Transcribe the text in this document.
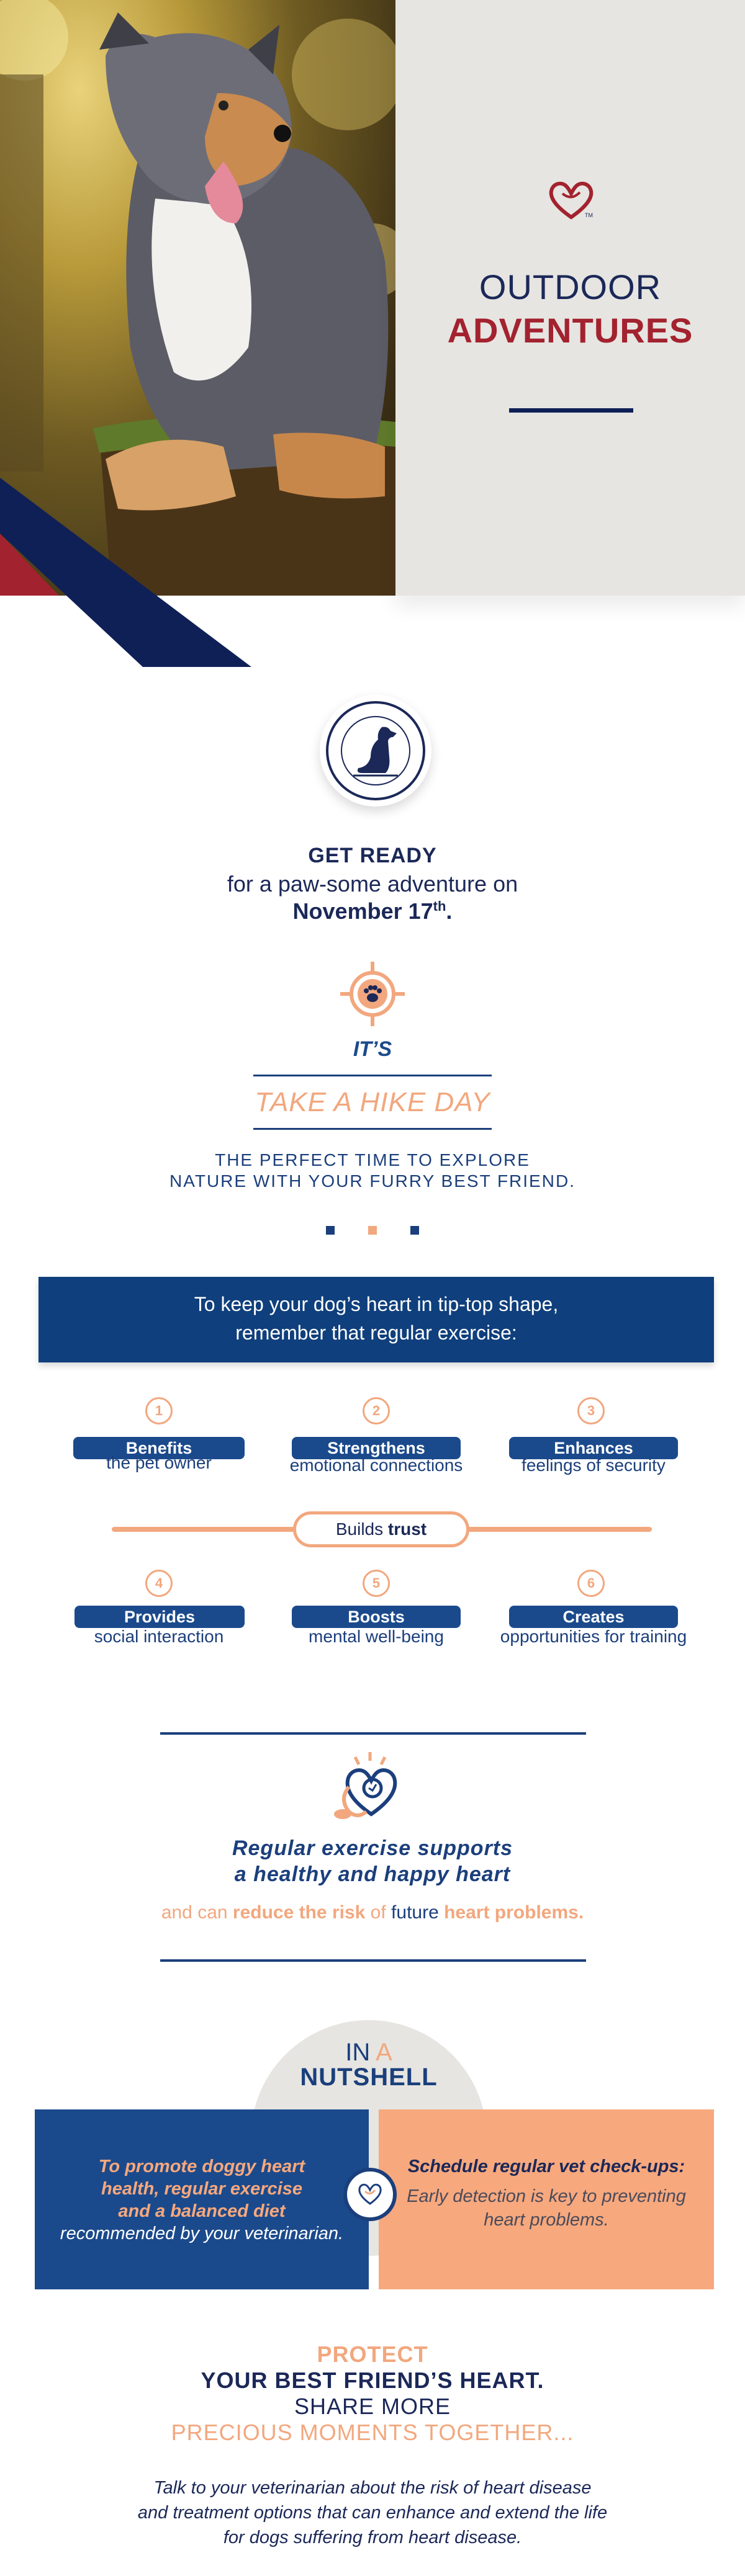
TM
OUTDOOR
ADVENTURES
GET READY
for a paw-some adventure on
November 17th.
IT’S
TAKE A HIKE DAY
THE PERFECT TIME TO EXPLORE
NATURE WITH YOUR FURRY BEST FRIEND.
To keep your dog’s heart in tip-top shape,
remember that regular exercise:
1
Benefits
the pet owner
2
Strengthens
emotional connections
3
Enhances
feelings of security
Builds trust
4
Provides
social interaction
5
Boosts
mental well-being
6
Creates
opportunities for training
Regular exercise supports
a healthy and happy heart
and can reduce the risk of future heart problems.
IN A
NUTSHELL
To promote doggy heart
health, regular exercise
and a balanced diet
recommended by your veterinarian.
Schedule regular vet check-ups:
Early detection is key to preventing
heart problems.
PROTECT
YOUR BEST FRIEND’S HEART.
SHARE MORE
PRECIOUS MOMENTS TOGETHER...
Talk to your veterinarian about the risk of heart disease
and treatment options that can enhance and extend the life
for dogs suffering from heart disease.
